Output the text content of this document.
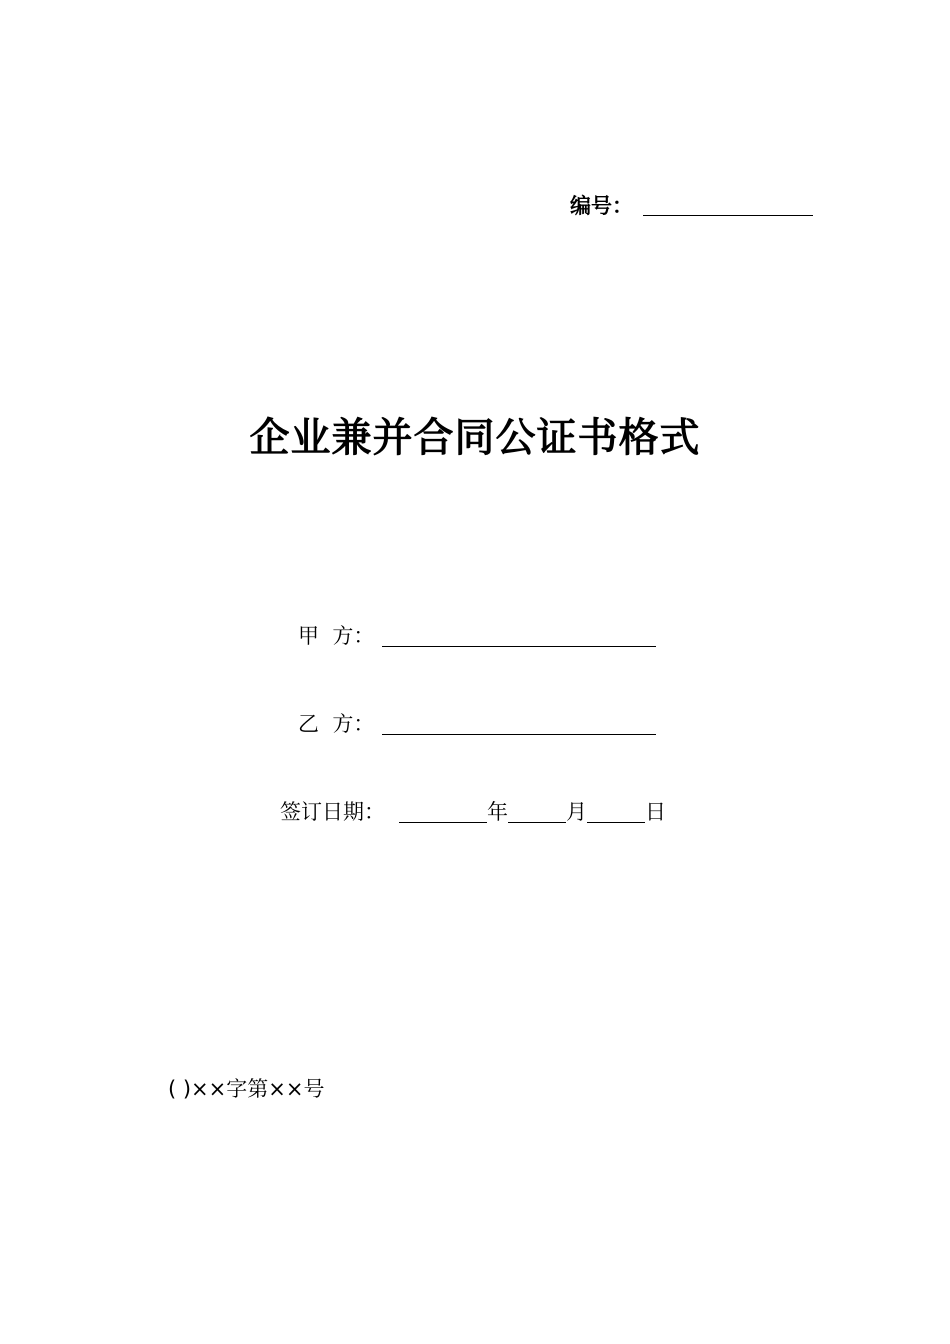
编号：
企业兼并合同公证书格式
甲  方：
乙  方：
签订日期：	年	月	日
( )××字第××号
